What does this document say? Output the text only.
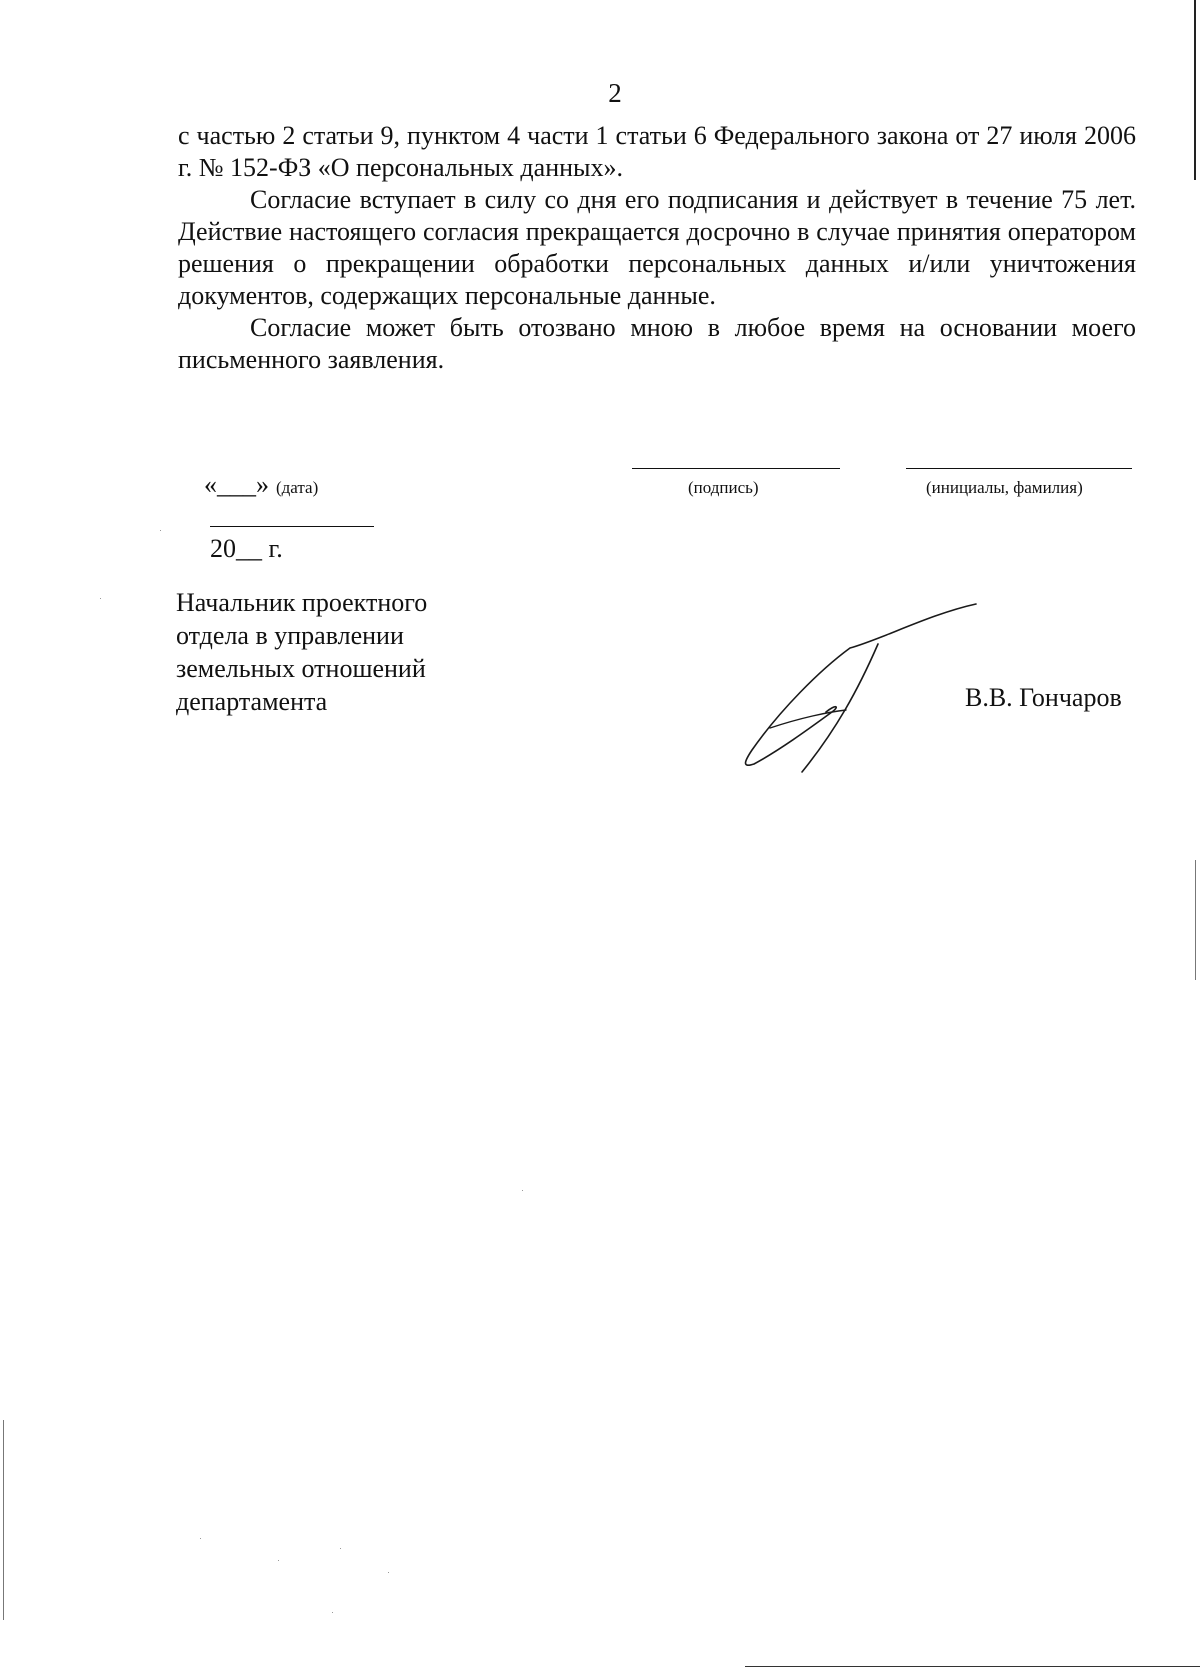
2

с частью 2 статьи 9, пунктом 4 части 1 статьи 6 Федерального закона от 27 июля 2006 г. № 152-ФЗ «О персональных данных».

Согласие вступает в силу со дня его подписания и действует в течение 75 лет. Действие настоящего согласия прекращается досрочно в случае принятия оператором решения о прекращении обработки персональных данных и/или уничтожения документов, содержащих персональные данные.

Согласие может быть отозвано мною в любое время на основании моего письменного заявления.

«___»

20__ г.

(дата)	(подпись)	(инициалы, фамилия)
Начальник проектного
отдела в управлении
земельных отношений
департамента	В.В. Гончаров
